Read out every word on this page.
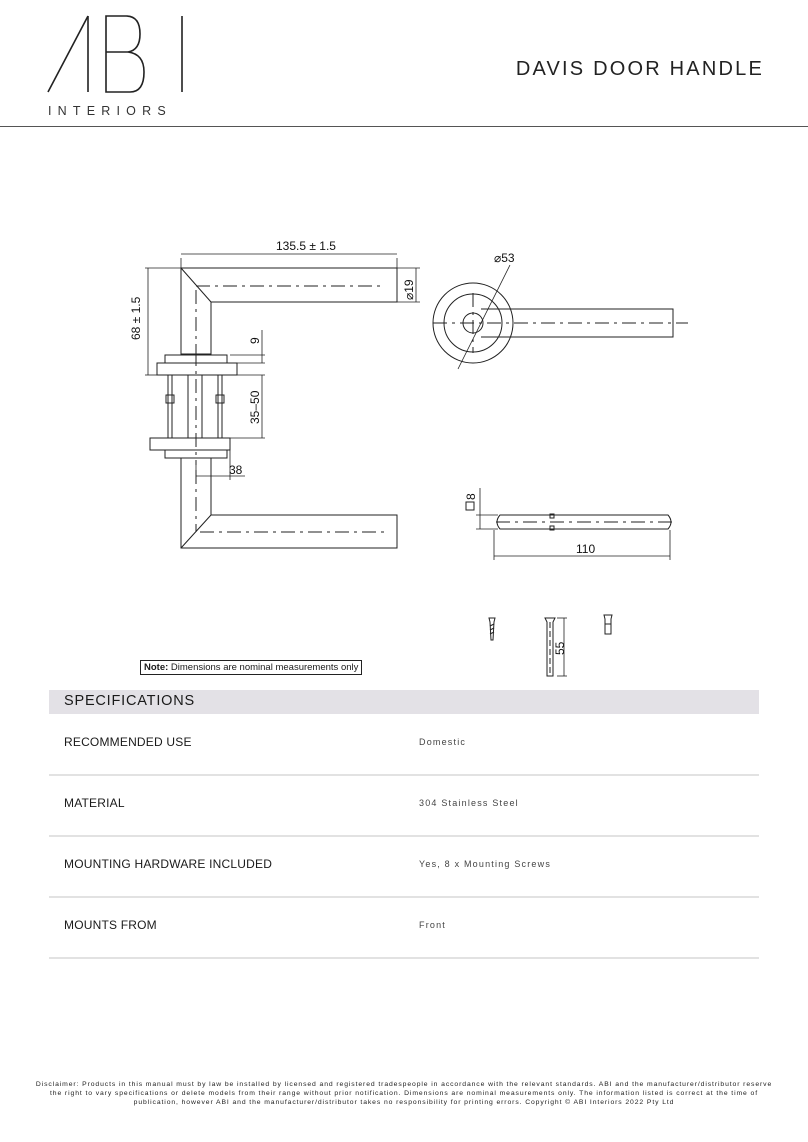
INTERIORS
DAVIS DOOR HANDLE
135.5 ± 1.5
⌀19
68 ± 1.5
9
35–50
38
⌀53
8
110
55
Note: Dimensions are nominal measurements only
SPECIFICATIONS
RECOMMENDED USE	Domestic
MATERIAL	304 Stainless Steel
MOUNTING HARDWARE INCLUDED	Yes, 8 x Mounting Screws
MOUNTS FROM	Front
Disclaimer: Products in this manual must by law be installed by licensed and registered tradespeople in accordance with the relevant standards. ABI and the manufacturer/distributor reserve the right to vary specifications or delete models from their range without prior notification. Dimensions are nominal measurements only. The information listed is correct at the time of publication, however ABI and the manufacturer/distributor takes no responsibility for printing errors. Copyright © ABI Interiors 2022 Pty Ltd
